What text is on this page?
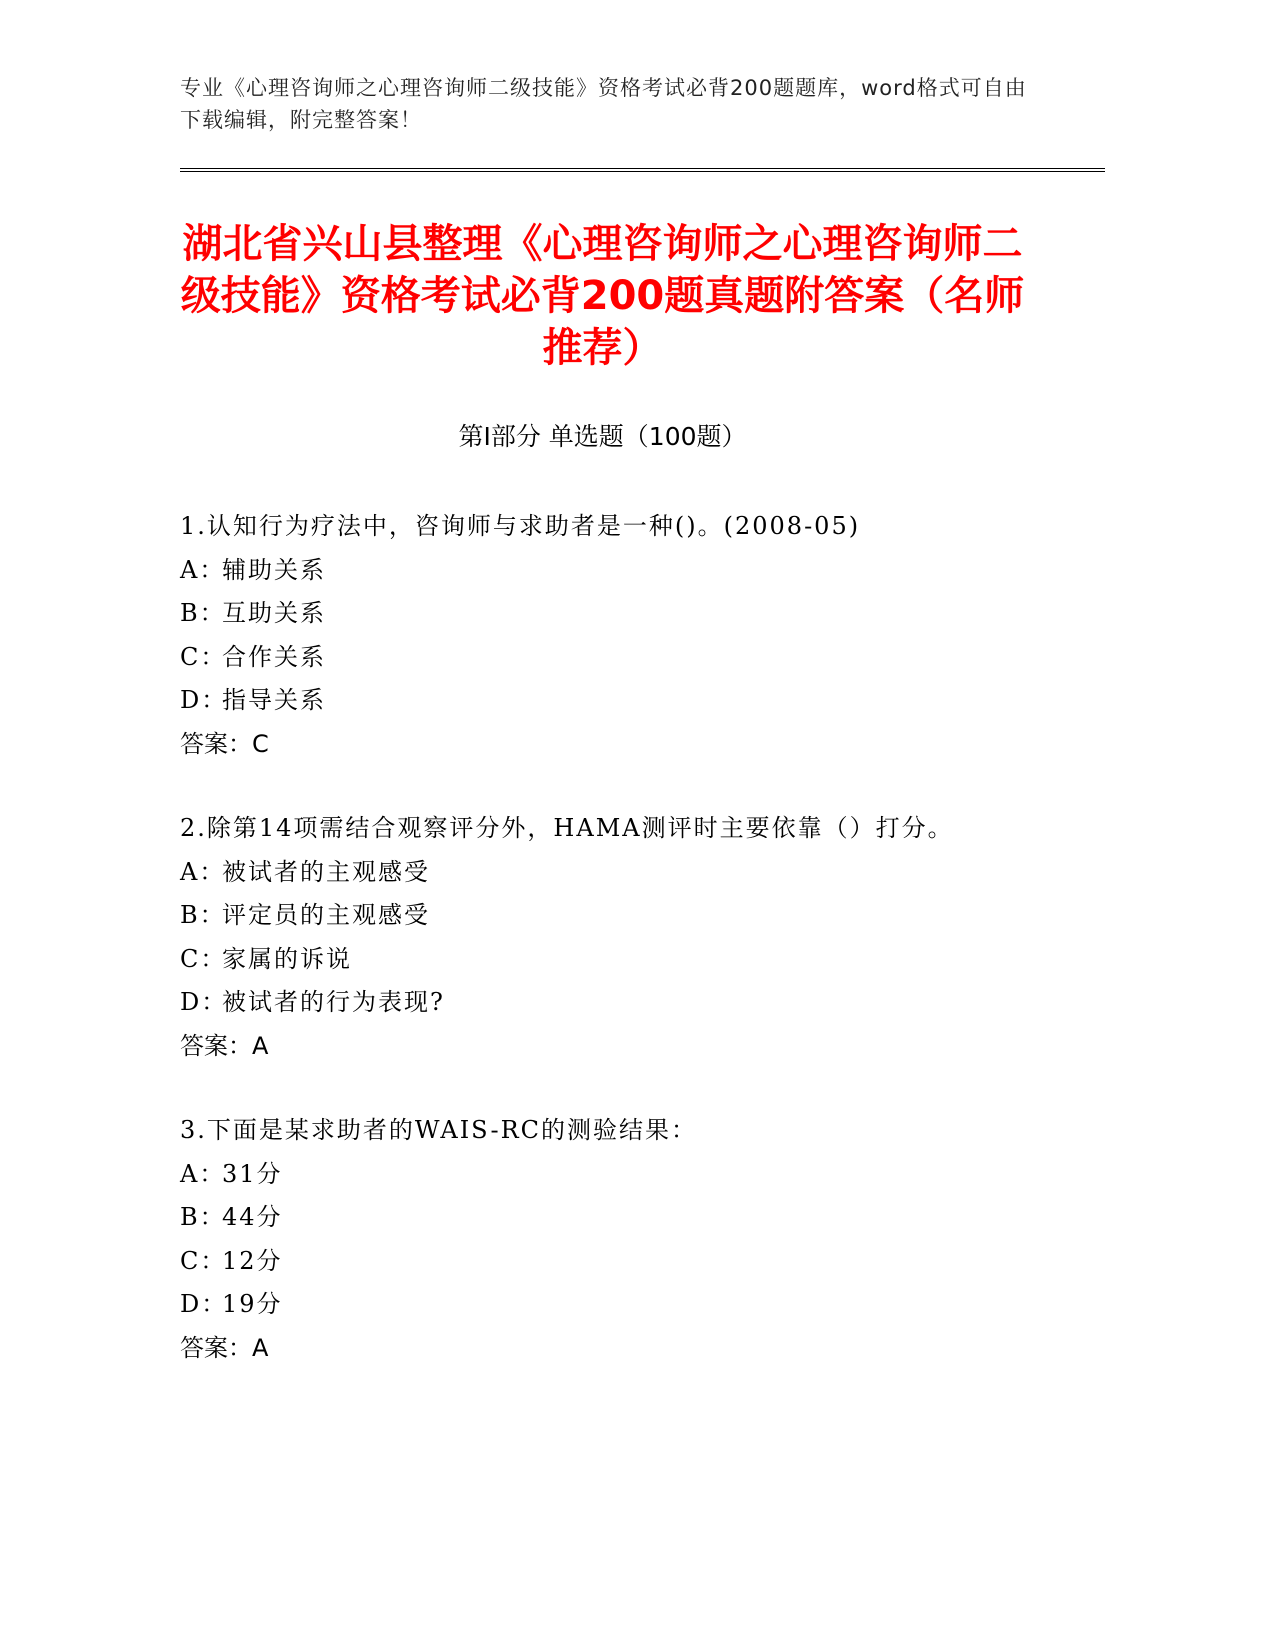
专业《心理咨询师之心理咨询师二级技能》资格考试必背200题题库，word格式可自由下载编辑，附完整答案！
湖北省兴山县整理《心理咨询师之心理咨询师二级技能》资格考试必背200题真题附答案（名师推荐）
第I部分 单选题（100题）
1.认知行为疗法中，咨询师与求助者是一种()。(2008-05)
A：辅助关系
B：互助关系
C：合作关系
D：指导关系
答案：C
2.除第14项需结合观察评分外，HAMA测评时主要依靠（）打分。
A：被试者的主观感受
B：评定员的主观感受
C：家属的诉说
D：被试者的行为表现?
答案：A
3.下面是某求助者的WAIS-RC的测验结果：
A：31分
B：44分
C：12分
D：19分
答案：A
